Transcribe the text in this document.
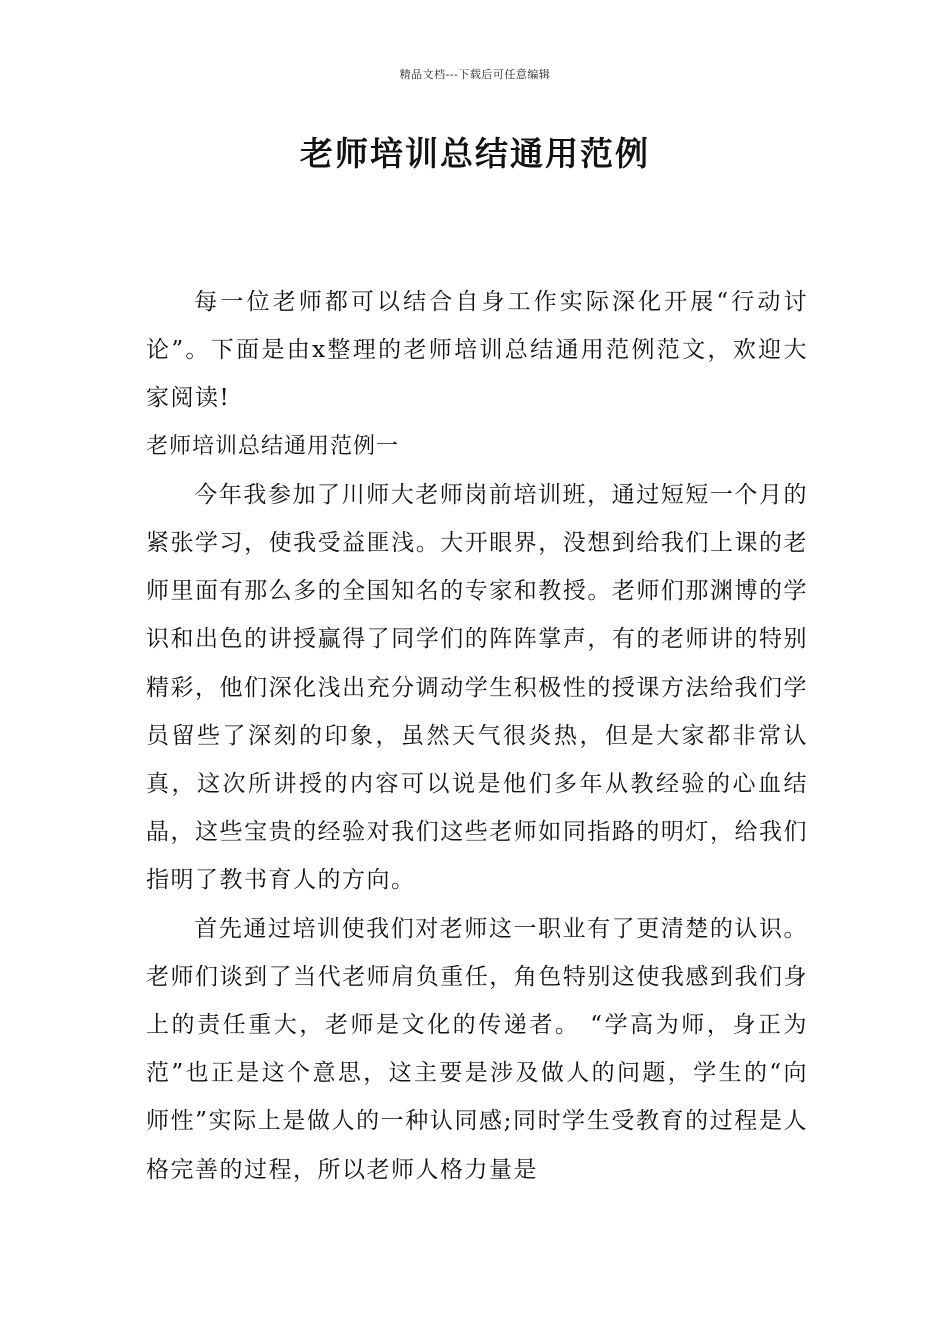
精品文档---下载后可任意编辑
老师培训总结通用范例

每一位老师都可以结合自身工作实际深化开展“行动讨论”。下面是由x整理的老师培训总结通用范例范文，欢迎大家阅读!

老师培训总结通用范例一

今年我参加了川师大老师岗前培训班，通过短短一个月的紧张学习，使我受益匪浅。大开眼界，没想到给我们上课的老师里面有那么多的全国知名的专家和教授。老师们那渊博的学识和出色的讲授赢得了同学们的阵阵掌声，有的老师讲的特别精彩，他们深化浅出充分调动学生积极性的授课方法给我们学员留些了深刻的印象，虽然天气很炎热，但是大家都非常认真，这次所讲授的内容可以说是他们多年从教经验的心血结晶，这些宝贵的经验对我们这些老师如同指路的明灯，给我们指明了教书育人的方向。

首先通过培训使我们对老师这一职业有了更清楚的认识。老师们谈到了当代老师肩负重任，角色特别这使我感到我们身上的责任重大，老师是文化的传递者。 “学高为师，身正为范”也正是这个意思，这主要是涉及做人的问题，学生的“向师性”实际上是做人的一种认同感;同时学生受教育的过程是人格完善的过程，所以老师人格力量是
